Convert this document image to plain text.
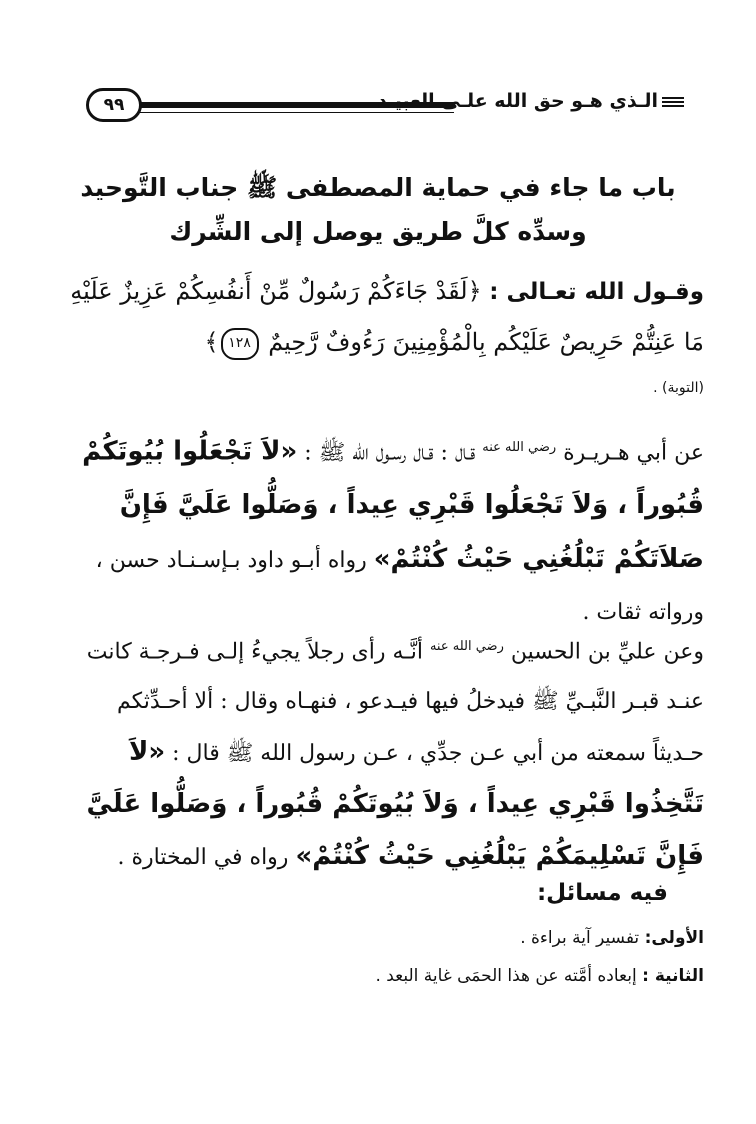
٩٩	الـذي هـو حق الله علـى العبيـد
باب ما جاء في حماية المصطفى ﷺ جناب التَّوحيد
وسدِّه كلَّ طريق يوصل إلى الشِّرك
وقـول الله تعـالى : ﴿لَقَدْ جَاءَكُمْ رَسُولٌ مِّنْ أَنفُسِكُمْ عَزِيزٌ عَلَيْهِ مَا عَنِتُّمْ حَرِيصٌ عَلَيْكُم بِالْمُؤْمِنِينَ رَءُوفٌ رَّحِيمٌ ١٢٨﴾
(التوبة) .
عن أبي هـريـرة $^{رضي الله عنه}$ قـال : قـال رسـول الله ﷺ : «لاَ تَجْعَلُوا بُيُوتَكُمْ قُبُوراً ، وَلاَ تَجْعَلُوا قَبْرِي عِيداً ، وَصَلُّوا عَلَيَّ فَإِنَّ صَلاَتَكُمْ تَبْلُغُنِي حَيْثُ كُنْتُمْ» رواه أبـو داود بـإسـنـاد حسن ، ورواته ثقات .
وعن عليِّ بن الحسين $^{رضي الله عنه}$ أنَّـه رأى رجلاً يجيءُ إلـى فـرجـة كانت عنـد قبـر النَّبـيِّ ﷺ فيدخلُ فيها فيـدعو ، فنهـاه وقال : ألا أحـدِّثكم حـديثاً سمعته من أبي عـن جدِّي ، عـن رسول الله ﷺ قال : «لاَ تَتَّخِذُوا قَبْرِي عِيداً ، وَلاَ بُيُوتَكُمْ قُبُوراً ، وَصَلُّوا عَلَيَّ فَإِنَّ تَسْلِيمَكُمْ يَبْلُغُنِي حَيْثُ كُنْتُمْ» رواه في المختارة .
فيه مسائل:
الأولى: تفسير آية براءة .
الثانية : إبعاده أمَّته عن هذا الحمَى غاية البعد .
